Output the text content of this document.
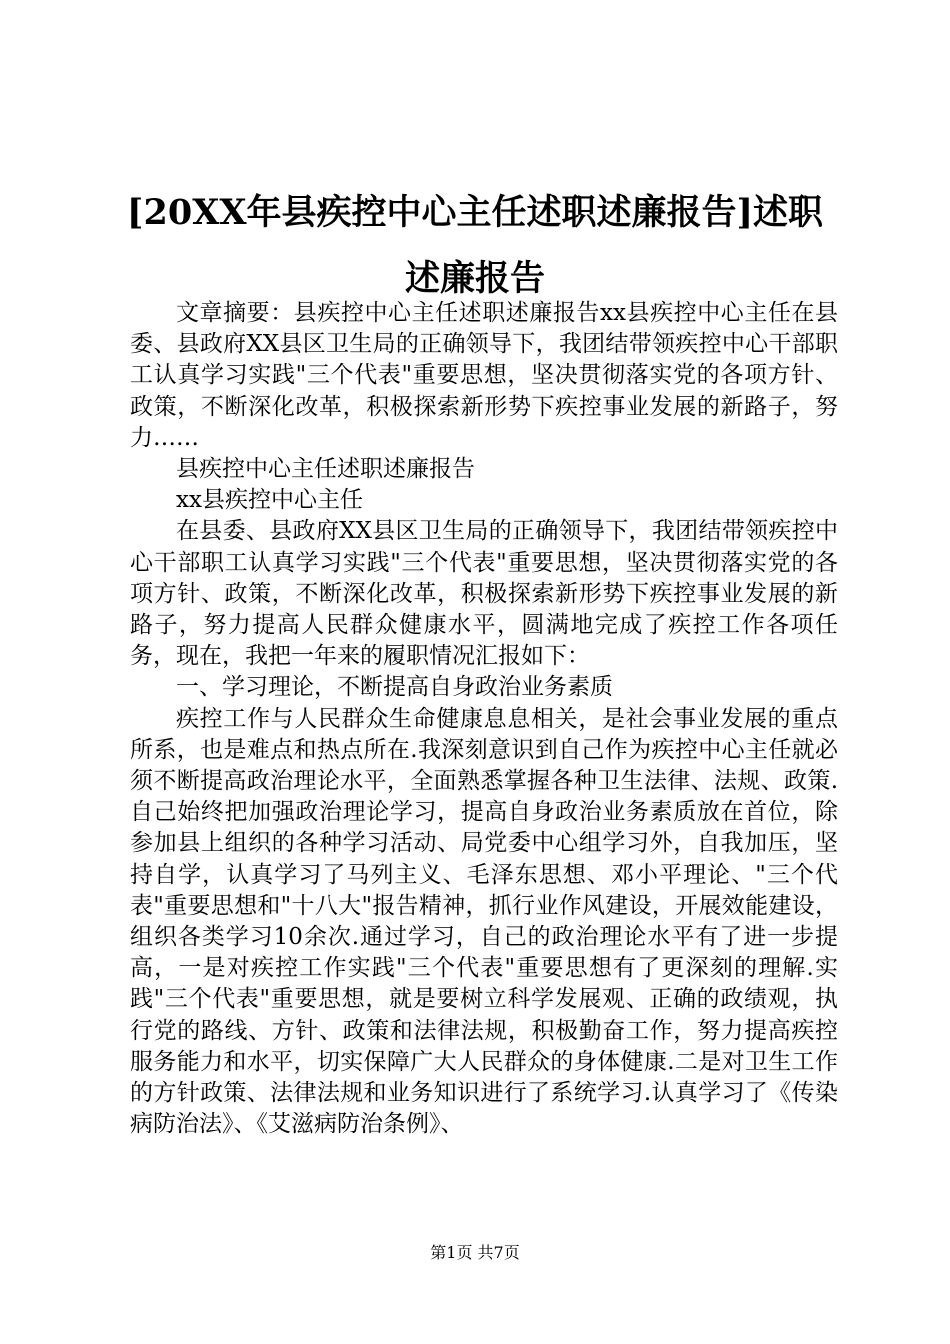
[20XX年县疾控中心主任述职述廉报告]述职述廉报告

文章摘要：县疾控中心主任述职述廉报告xx县疾控中心主任在县委、县政府XX县区卫生局的正确领导下，我团结带领疾控中心干部职工认真学习实践"三个代表"重要思想，坚决贯彻落实党的各项方针、政策，不断深化改革，积极探索新形势下疾控事业发展的新路子，努力……

县疾控中心主任述职述廉报告

xx县疾控中心主任

在县委、县政府XX县区卫生局的正确领导下，我团结带领疾控中心干部职工认真学习实践"三个代表"重要思想，坚决贯彻落实党的各项方针、政策，不断深化改革，积极探索新形势下疾控事业发展的新路子，努力提高人民群众健康水平，圆满地完成了疾控工作各项任务，现在，我把一年来的履职情况汇报如下：

一、学习理论，不断提高自身政治业务素质

疾控工作与人民群众生命健康息息相关，是社会事业发展的重点所系，也是难点和热点所在.我深刻意识到自己作为疾控中心主任就必须不断提高政治理论水平，全面熟悉掌握各种卫生法律、法规、政策.自己始终把加强政治理论学习，提高自身政治业务素质放在首位，除参加县上组织的各种学习活动、局党委中心组学习外，自我加压，坚持自学，认真学习了马列主义、毛泽东思想、邓小平理论、"三个代表"重要思想和"十八大"报告精神，抓行业作风建设，开展效能建设，组织各类学习10余次.通过学习，自己的政治理论水平有了进一步提高，一是对疾控工作实践"三个代表"重要思想有了更深刻的理解.实践"三个代表"重要思想，就是要树立科学发展观、正确的政绩观，执行党的路线、方针、政策和法律法规，积极勤奋工作，努力提高疾控服务能力和水平，切实保障广大人民群众的身体健康.二是对卫生工作的方针政策、法律法规和业务知识进行了系统学习.认真学习了《传染病防治法》、《艾滋病防治条例》、

第1页 共7页
